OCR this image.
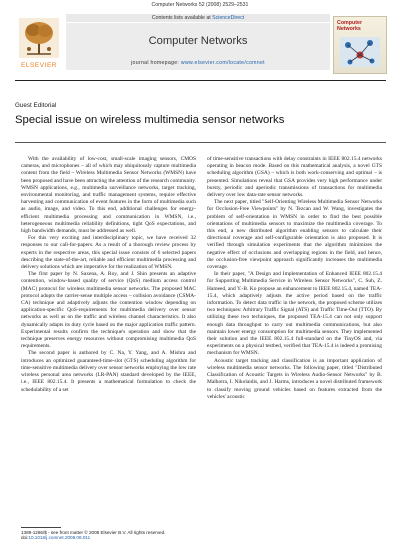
Computer Networks 52 (2008) 2529–2531
ELSEVIER
Contents lists available at ScienceDirect
Computer Networks
journal homepage: www.elsevier.com/locate/comnet
Computer Networks
Guest Editorial
Special issue on wireless multimedia sensor networks

With the availability of low-cost, small-scale imaging sensors, CMOS cameras, and microphones – all of which may ubiquitously capture multimedia content from the field – Wireless Multimedia Sensor Networks (WMSN) have been proposed and have been attracting the attention of the research community. WMSN applications, e.g., multimedia surveillance networks, target tracking, environmental monitoring, and traffic management systems, require effective harvesting and communication of event features in the form of multimedia such as audio, image, and video. To this end, additional challenges for energy-efficient multimedia processing and communication in WMSN, i.e., heterogeneous multimedia reliability definitions, tight QoS expectations, and high bandwidth demands, must be addressed as well.

For this very exciting and interdisciplinary topic, we have received 32 responses to our call-for-papers. As a result of a thorough review process by experts in the respective areas, this special issue consists of 6 selected papers describing the state-of-the-art, reliable and efficient multimedia processing and delivery solutions which are imperative for the realization of WMSN.

The first paper by N. Saxena, A. Roy, and J. Shin presents an adaptive contention, window-based quality of service (QoS) medium access control (MAC) protocol for wireless multimedia sensor networks. The proposed MAC protocol adopts the carrier-sense multiple access – collision avoidance (CSMA-CA) technique and adaptively adjusts the contention window depending on application-specific QoS-requirements for multimedia delivery over sensor networks as well as on the traffic and wireless channel characteristics. It also dynamically adapts its duty cycle based on the major application traffic pattern. Experimental results confirm the technique's operation and show that the technique preserves energy resources without compromising multimedia QoS requirements.

The second paper is authored by C. Na, Y. Yang, and A. Mishra and introduces an optimized guaranteed-time-slot (GTS) scheduling algorithm for time-sensitive multimedia delivery over sensor networks employing the low rate wireless personal area networks (LR-PAN) standard developed by the IEEE, i.e., IEEE 802.15.4. It presents a mathematical formulation to check the schedulability of a set

of time-sensitive transactions with delay constraints in IEEE 802.15.4 networks operating in beacon mode. Based on this mathematical analysis, a novel GTS scheduling algorithm (GSA) – which is both work-conserving and optimal – is presented. Simulations reveal that GSA provides very high performance under bursty, periodic and aperiodic transmissions of transactions for multimedia delivery over low data-rate sensor networks.

The next paper, titled "Self-Orienting Wireless Multimedia Sensor Networks for Occlusion-Free Viewpoints" by N. Tezcan and W. Wang, investigates the problem of self-orientation in WMSN in order to find the best possible orientations of multimedia sensors to maximize the multimedia coverage. To this end, a new distributed algorithm enabling sensors to calculate their directional coverage and self-configurable orientation is also proposed. It is verified through simulation experiments that the algorithm minimizes the negative effect of occlusions and overlapping regions in the field, and hence, the occlusion-free viewpoint approach significantly increases the multimedia coverage.

In their paper, "A Design and Implementation of Enhanced IEEE 802.15.4 for Supporting Multimedia Service in Wireless Sensor Networks", C. Suh, Z. Hameed, and Y.-B. Ko propose an enhancement to IEEE 802.15.4, named TEA-15.4, which adaptively adjusts the active period based on the traffic information. To detect data traffic in the network, the proposed scheme utilizes two techniques: Arbitrary Traffic Signal (ATS) and Traffic Time-Out (TTO). By utilizing these two techniques, the proposed TEA-15.4 can not only support enough data throughput to carry out multimedia communications, but also maintain lower energy consumption for multimedia sensors. They implemented their solution and the IEEE 802.15.4 full-standard on the TinyOS and, via experiments on a physical testbed, verified that TEA-15.4 is indeed a promising mechanism for WMSN.

Acoustic target tracking and classification is an important application of wireless multimedia sensor networks. The following paper, titled "Distributed Classification of Acoustic Targets in Wireless Audio-Sensor Networks" by B. Malhotra, I. Nikolaidis, and J. Harms, introduces a novel distributed framework to classify moving ground vehicles based on features extracted from the vehicles' acoustic

1389-1286/$ - see front matter © 2008 Elsevier B.V. All rights reserved.
doi:10.1016/j.comnet.2008.08.011
